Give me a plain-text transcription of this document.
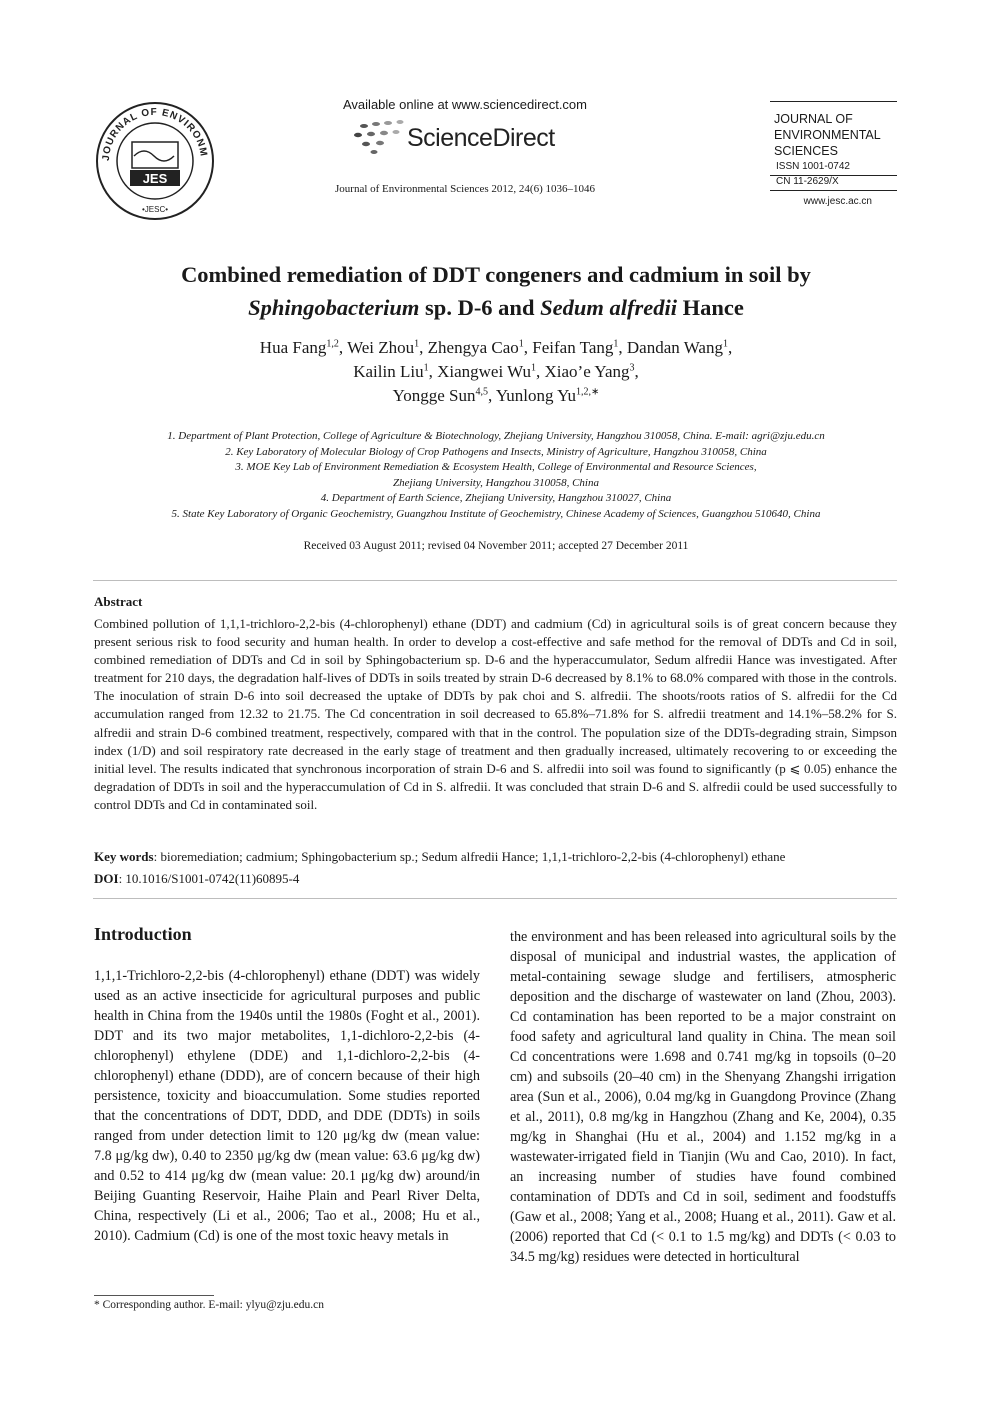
JOURNAL OF ENVIRONM
JES
•JESC•
Available online at www.sciencedirect.com
ScienceDirect
Journal of Environmental Sciences 2012, 24(6) 1036–1046
JOURNAL OF
ENVIRONMENTAL
SCIENCES
ISSN 1001-0742
CN 11-2629/X
www.jesc.ac.cn
Combined remediation of DDT congeners and cadmium in soil by
Sphingobacterium sp. D-6 and Sedum alfredii Hance
Hua Fang$^{1,2}$, Wei Zhou$^1$, Zhengya Cao$^1$, Feifan Tang$^1$, Dandan Wang$^1$,
Kailin Liu$^1$, Xiangwei Wu$^1$, Xiao’e Yang$^3$,
Yongge Sun$^{4,5}$, Yunlong $Yu^{1,2,∗}$
1. Department of Plant Protection, College of Agriculture & Biotechnology, Zhejiang University, Hangzhou 310058, China. E-mail: agri@zju.edu.cn
2. Key Laboratory of Molecular Biology of Crop Pathogens and Insects, Ministry of Agriculture, Hangzhou 310058, China
3. MOE Key Lab of Environment Remediation & Ecosystem Health, College of Environmental and Resource Sciences,
Zhejiang University, Hangzhou 310058, China
4. Department of Earth Science, Zhejiang University, Hangzhou 310027, China
5. State Key Laboratory of Organic Geochemistry, Guangzhou Institute of Geochemistry, Chinese Academy of Sciences, Guangzhou 510640, China
Received 03 August 2011; revised 04 November 2011; accepted 27 December 2011
Abstract
Combined pollution of 1,1,1-trichloro-2,2-bis (4-chlorophenyl) ethane (DDT) and cadmium (Cd) in agricultural soils is of great concern because they present serious risk to food security and human health. In order to develop a cost-effective and safe method for the removal of DDTs and Cd in soil, combined remediation of DDTs and Cd in soil by Sphingobacterium sp. D-6 and the hyperaccumulator, Sedum alfredii Hance was investigated. After treatment for 210 days, the degradation half-lives of DDTs in soils treated by strain D-6 decreased by 8.1% to 68.0% compared with those in the controls. The inoculation of strain D-6 into soil decreased the uptake of DDTs by pak choi and S. alfredii. The shoots/roots ratios of S. alfredii for the Cd accumulation ranged from 12.32 to 21.75. The Cd concentration in soil decreased to 65.8%–71.8% for S. alfredii treatment and 14.1%–58.2% for S. alfredii and strain D-6 combined treatment, respectively, compared with that in the control. The population size of the DDTs-degrading strain, Simpson index (1/D) and soil respiratory rate decreased in the early stage of treatment and then gradually increased, ultimately recovering to or exceeding the initial level. The results indicated that synchronous incorporation of strain D-6 and S. alfredii into soil was found to significantly (p ⩽ 0.05) enhance the degradation of DDTs in soil and the hyperaccumulation of Cd in S. alfredii. It was concluded that strain D-6 and S. alfredii could be used successfully to control DDTs and Cd in contaminated soil.
Key words: bioremediation; cadmium; Sphingobacterium sp.; Sedum alfredii Hance; 1,1,1-trichloro-2,2-bis (4-chlorophenyl) ethane
DOI: 10.1016/S1001-0742(11)60895-4
Introduction

1,1,1-Trichloro-2,2-bis (4-chlorophenyl) ethane (DDT) was widely used as an active insecticide for agricultural purposes and public health in China from the 1940s until the 1980s (Foght et al., 2001). DDT and its two major metabolites, 1,1-dichloro-2,2-bis (4-chlorophenyl) ethylene (DDE) and 1,1-dichloro-2,2-bis (4-chlorophenyl) ethane (DDD), are of concern because of their high persistence, toxicity and bioaccumulation. Some studies reported that the concentrations of DDT, DDD, and DDE (DDTs) in soils ranged from under detection limit to 120 μg/kg dw (mean value: 7.8 μg/kg dw), 0.40 to 2350 μg/kg dw (mean value: 63.6 μg/kg dw) and 0.52 to 414 μg/kg dw (mean value: 20.1 μg/kg dw) around/in Beijing Guanting Reservoir, Haihe Plain and Pearl River Delta, China, respectively (Li et al., 2006; Tao et al., 2008; Hu et al., 2010). Cadmium (Cd) is one of the most toxic heavy metals in

the environment and has been released into agricultural soils by the disposal of municipal and industrial wastes, the application of metal-containing sewage sludge and fertilisers, atmospheric deposition and the discharge of wastewater on land (Zhou, 2003). Cd contamination has been reported to be a major constraint on food safety and agricultural land quality in China. The mean soil Cd concentrations were 1.698 and 0.741 mg/kg in topsoils (0–20 cm) and subsoils (20–40 cm) in the Shenyang Zhangshi irrigation area (Sun et al., 2006), 0.04 mg/kg in Guangdong Province (Zhang et al., 2011), 0.8 mg/kg in Hangzhou (Zhang and Ke, 2004), 0.35 mg/kg in Shanghai (Hu et al., 2004) and 1.152 mg/kg in a wastewater-irrigated field in Tianjin (Wu and Cao, 2010). In fact, an increasing number of studies have found combined contamination of DDTs and Cd in soil, sediment and foodstuffs (Gaw et al., 2008; Yang et al., 2008; Huang et al., 2011). Gaw et al. (2006) reported that Cd (< 0.1 to 1.5 mg/kg) and DDTs (< 0.03 to 34.5 mg/kg) residues were detected in horticultural

* Corresponding author. E-mail: ylyu@zju.edu.cn
